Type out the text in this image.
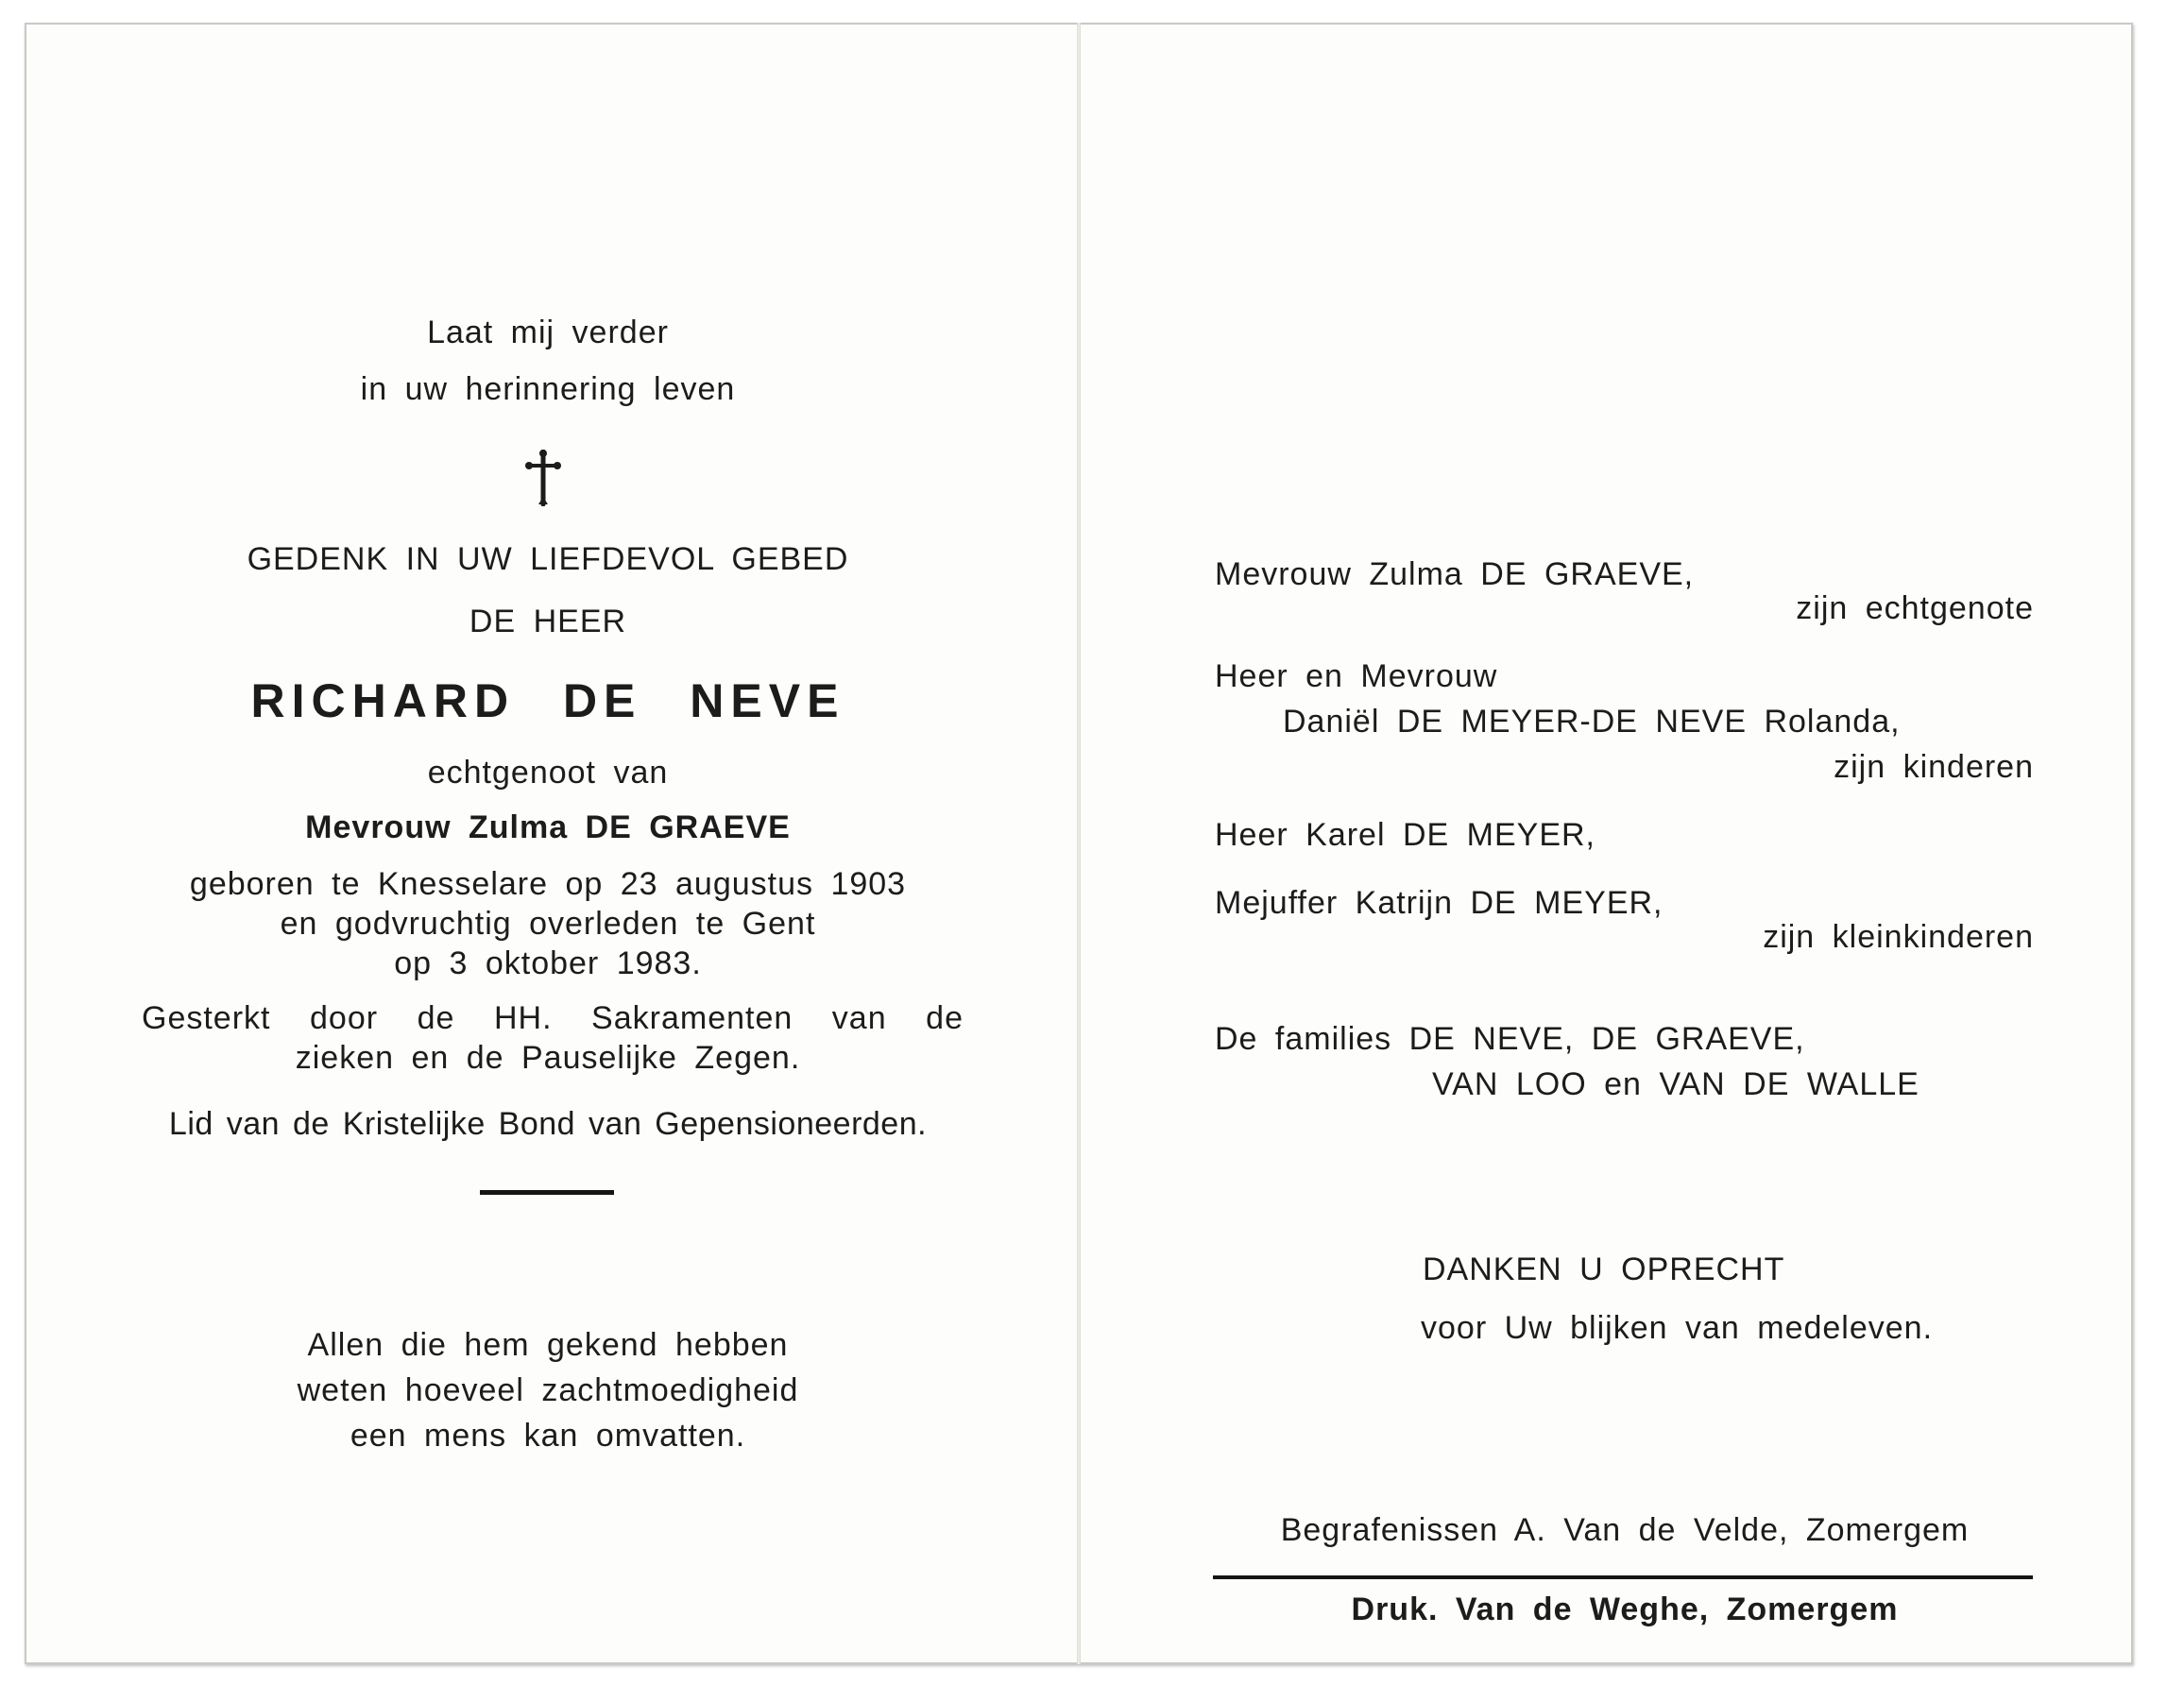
Laat mij verder
in uw herinnering leven
GEDENK IN UW LIEFDEVOL GEBED
DE HEER
RICHARD DE NEVE
echtgenoot van
Mevrouw Zulma DE GRAEVE
geboren te Knesselare op 23 augustus 1903
en godvruchtig overleden te Gent
op 3 oktober 1983.
Gesterkt door de HH. Sakramenten van de
zieken en de Pauselijke Zegen.
Lid van de Kristelijke Bond van Gepensioneerden.
Allen die hem gekend hebben
weten hoeveel zachtmoedigheid
een mens kan omvatten.
Mevrouw Zulma DE GRAEVE,
zijn echtgenote
Heer en Mevrouw
Daniël DE MEYER-DE NEVE Rolanda,
zijn kinderen
Heer Karel DE MEYER,
Mejuffer Katrijn DE MEYER,
zijn kleinkinderen
De families DE NEVE, DE GRAEVE,
VAN LOO en VAN DE WALLE
DANKEN U OPRECHT
voor Uw blijken van medeleven.
Begrafenissen A. Van de Velde, Zomergem
Druk. Van de Weghe, Zomergem
